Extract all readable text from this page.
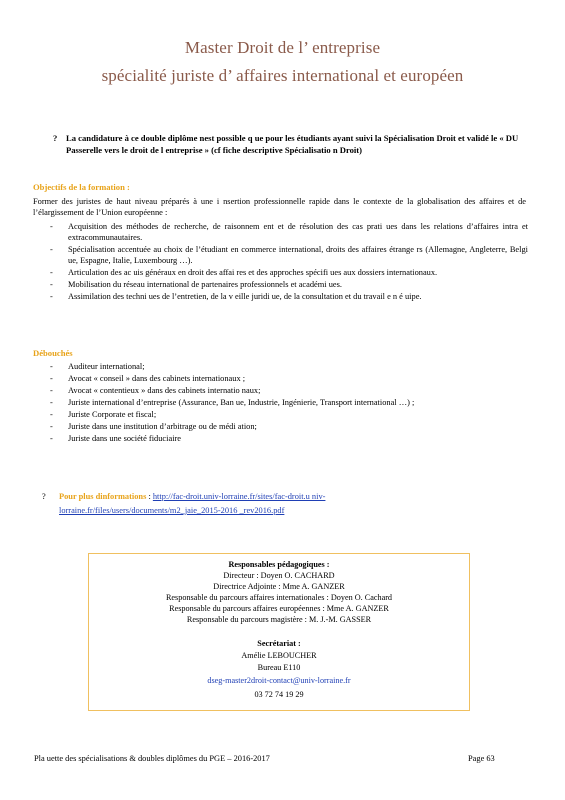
Master Droit de l’ entreprise
spécialité juriste d’ affaires international et européen
? La candidature à ce double diplôme nest possible q ue pour les étudiants ayant suivi la Spécialisation Droit et validé le « DU Passerelle vers le droit de l entreprise » (cf fiche descriptive Spécialisatio n Droit)
Objectifs de la formation :
Former des juristes de haut niveau préparés à une i nsertion professionnelle rapide dans le contexte de la globalisation des affaires et de l’élargissement de l’Union européenne :
- Acquisition des méthodes de recherche, de raisonnem ent et de résolution des cas prati ues dans les relations d’affaires intra et extracommunautaires.
- Spécialisation accentuée au choix de l’étudiant en commerce international, droits des affaires étrange rs (Allemagne, Angleterre, Belgi ue, Espagne, Italie, Luxembourg …).
- Articulation des ac uis généraux en droit des affai res et des approches spécifi ues aux dossiers internationaux.
- Mobilisation du réseau international de partenaires professionnels et académi ues.
- Assimilation des techni ues de l’entretien, de la v eille juridi ue, de la consultation et du travail e n é uipe.
Débouchés
- Auditeur international;
- Avocat « conseil » dans des cabinets internationaux ;
- Avocat « contentieux » dans des cabinets internatio naux;
- Juriste international d’entreprise (Assurance, Ban ue, Industrie, Ingénierie, Transport international …) ;
- Juriste Corporate et fiscal;
- Juriste dans une institution d’arbitrage ou de médi ation;
- Juriste dans une société fiduciaire
? Pour plus dinformations : http://fac-droit.univ-lorraine.fr/sites/fac-droit.u niv-
lorraine.fr/files/users/documents/m2_jaie_2015-2016 _rev2016.pdf
Responsables pédagogiques :
Directeur : Doyen O. CACHARD
Directrice Adjointe : Mme A. GANZER
Responsable du parcours affaires internationales : Doyen O. Cachard
Responsable du parcours affaires européennes : Mme A. GANZER
Responsable du parcours magistère : M. J.-M. GASSER
Secrétariat :
Amélie LEBOUCHER
Bureau E110
dseg-master2droit-contact@univ-lorraine.fr
03 72 74 19 29
Pla uette des spécialisations & doubles diplômes du PGE – 2016-2017	Page 63
